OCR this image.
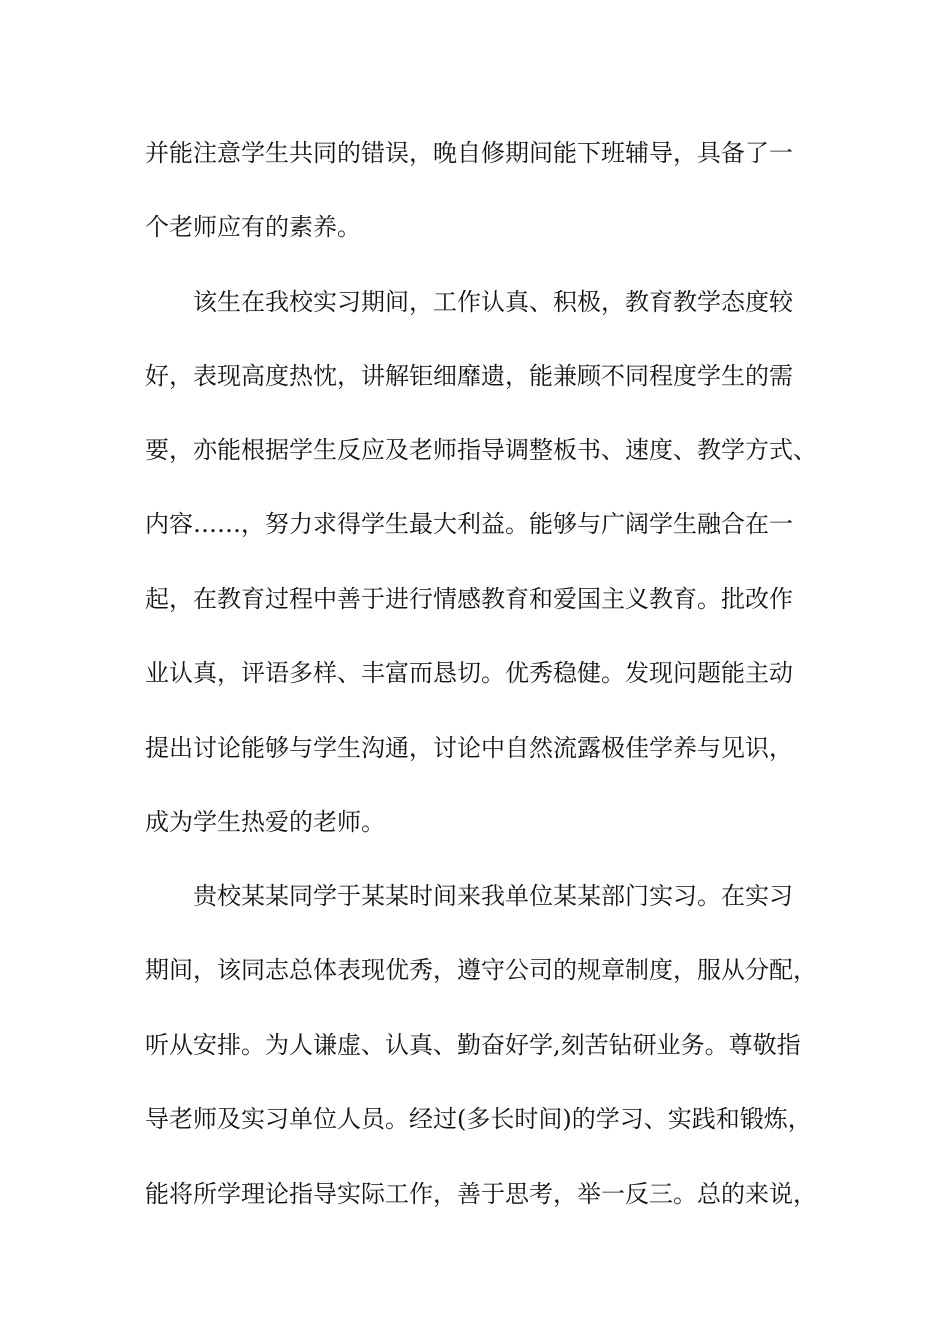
并能注意学生共同的错误，晚自修期间能下班辅导，具备了一
个老师应有的素养。
该生在我校实习期间，工作认真、积极，教育教学态度较
好，表现高度热忱，讲解钜细靡遗，能兼顾不同程度学生的需
要，亦能根据学生反应及老师指导调整板书、速度、教学方式、
内容……，努力求得学生最大利益。能够与广阔学生融合在一
起，在教育过程中善于进行情感教育和爱国主义教育。批改作
业认真，评语多样、丰富而恳切。优秀稳健。发现问题能主动
提出讨论能够与学生沟通，讨论中自然流露极佳学养与见识，
成为学生热爱的老师。
贵校某某同学于某某时间来我单位某某部门实习。在实习
期间，该同志总体表现优秀，遵守公司的规章制度，服从分配，
听从安排。为人谦虚、认真、勤奋好学,刻苦钻研业务。尊敬指
导老师及实习单位人员。经过(多长时间)的学习、实践和锻炼，
能将所学理论指导实际工作，善于思考，举一反三。总的来说，
